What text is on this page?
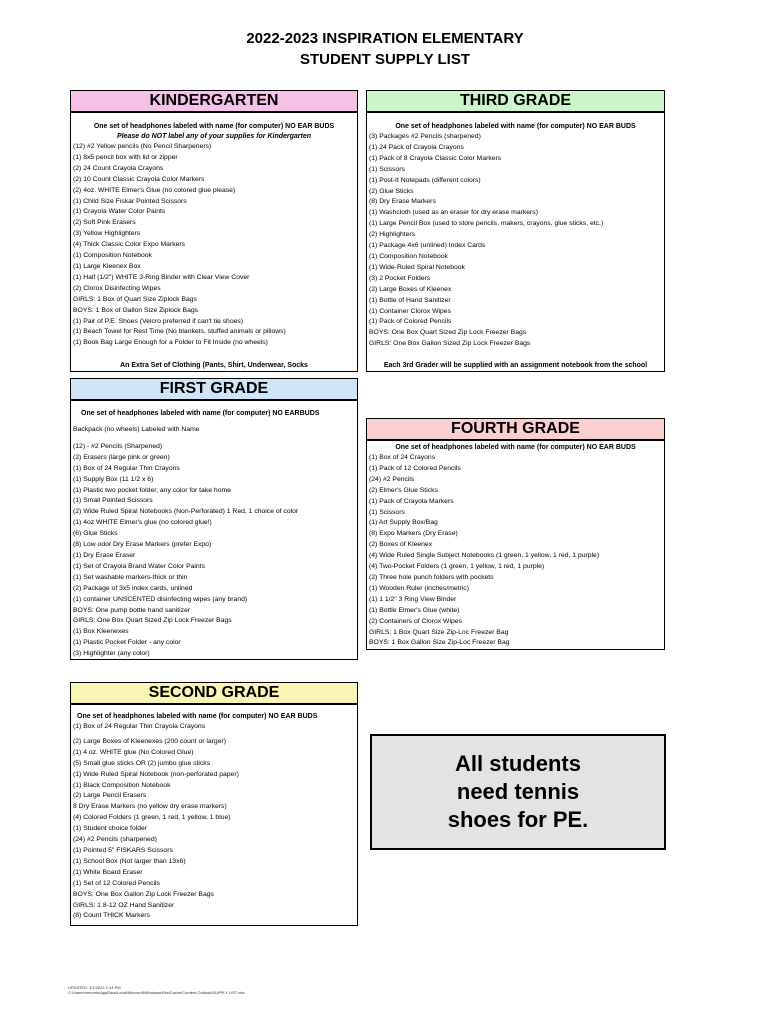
2022-2023 INSPIRATION ELEMENTARY
STUDENT SUPPLY LIST
KINDERGARTEN
One set of headphones labeled with name (for computer) NO EAR BUDS
Please do NOT label any of your supplies for Kindergarten
(12) #2 Yellow pencils (No Pencil Sharpeners)
(1) 8x5 pencil box with lid or zipper
(2) 24 Count Crayola Crayons
(2) 10 Count Classic Crayola Color Markers
(2) 4oz. WHITE Elmer's Glue (no colored glue please)
(1) Child Size Fiskar Pointed Scissors
(1) Crayola Water Color Paints
(2) Soft Pink Erasers
(3) Yellow Highlighters
(4) Thick Classic Color Expo Markers
(1) Composition Notebook
(1) Large Kleenex Box
(1) Half (1/2") WHITE 3-Ring Binder with Clear View Cover
(2) Clorox Disinfecting Wipes
GIRLS: 1 Box of Quart Size Ziplock Bags
BOYS: 1 Box of Gallon Size Ziplock Bags
(1) Pair of P.E. Shoes (Velcro preferred if can't tie shoes)
(1) Beach Towel for Rest Time (No blankets, stuffed animals or pillows)
(1) Book Bag Large Enough for a Folder to Fit Inside (no wheels)
An Extra Set of Clothing (Pants, Shirt, Underwear, Socks
THIRD GRADE
One set of headphones labeled with name (for computer) NO EAR BUDS
(3) Packages #2 Pencils (sharpened)
(1) 24 Pack of Crayola Crayons
(1) Pack of 8 Crayola Classic Color Markers
(1) Scissors
(1) Post-It Notepads (different colors)
(2) Glue Sticks
(8) Dry Erase Markers
(1) Washcloth (used as an eraser for dry erase markers)
(1) Large Pencil Box (used to store pencils, makers, crayons, glue sticks, etc.)
(2) Highlighters
(1) Package 4x6 (unlined) Index Cards
(1) Composition Notebook
(1) Wide-Ruled Spiral Notebook
(3) 2 Pocket Folders
(2) Large Boxes of Kleenex
(1) Bottle of Hand Sanitizer
(1) Container Clorox Wipes
(1) Pack of Colored Pencils
BOYS: One Box Quart Sized Zip Lock Freezer Bags
GIRLS: One Box Gallon Sized Zip Lock Freezer Bags
Each 3rd Grader will be supplied with an assignment notebook from the school
FIRST GRADE
One set of headphones labeled with name (for computer) NO EARBUDS
Backpack (no wheels) Labeled with Name
(12) - #2 Pencils (Sharpened)
(2) Erasers (large pink or green)
(1) Box of 24 Regular Thin Crayons
(1) Supply Box (11 1/2 x 6)
(1) Plastic two pocket folder, any color for take home
(1) Small Pointed Scissors
(2) Wide Ruled Spiral Notebooks (Non-Perforated) 1 Red, 1 choice of color
(1) 4oz WHITE Elmer's glue (no colored glue!)
(6) Glue Sticks
(8) Low odor Dry Erase Markers (prefer Expo)
(1) Dry Erase Eraser
(1) Set of Crayola Brand Water Color Paints
(1) Set washable markers-thick or thin
(2) Package of 3x5 index cards, unlined
(1) container UNSCENTED disinfecting wipes (any brand)
BOYS: One pump bottle hand sanitizer
GIRLS: One Box Quart Sized Zip Lock Freezer Bags
(1) Box Kleenexes
(1) Plastic Pocket Folder - any color
(3) Highlighter (any color)
FOURTH GRADE
One set of headphones labeled with name (for computer) NO EAR BUDS
(1) Box of 24 Crayons
(1) Pack of 12 Colored Pencils
(24) #2 Pencils
(2) Elmer's Glue Sticks
(1) Pack of Crayola Markers
(1) Scissors
(1) Art Supply Box/Bag
(8) Expo Markers (Dry Erase)
(2) Boxes of Kleenex
(4) Wide Ruled Single Subject Notebooks (1 green, 1 yellow, 1 red, 1 purple)
(4) Two-Pocket Folders (1 green, 1 yellow, 1 red, 1 purple)
(2) Three hole punch folders with pockets
(1) Wooden Ruler (inches/metric)
(1) 1 1/2" 3 Ring View Binder
(1) Bottle Elmer's Glue (white)
(2) Containers of Clorox Wipes
GIRLS: 1 Box Quart Size Zip-Loc Freezer Bag
BOYS: 1 Box Gallon Size Zip-Loc Freezer Bag
SECOND GRADE
One set of headphones labeled with name (for computer) NO EAR BUDS
(1) Box of 24 Regular Thin Crayola Crayons
(2) Large Boxes of Kleenexes (200 count or larger)
(1) 4 oz. WHITE glue (No Colored Glue)
(5) Small glue sticks OR (2) jumbo glue sticks
(1) Wide Ruled Spiral Notebook (non-perforated paper)
(1) Black Composition Notebook
(2) Large Pencil Erasers
8 Dry Erase Markers (no yellow dry erase markers)
(4) Colored Folders (1 green, 1 red, 1 yellow, 1 blue)
(1) Student choice folder
(24) #2 Pencils (sharpened)
(1) Pointed 5" FISKARS Scissors
(1) School Box (Not larger than 13x6)
(1) White Board Eraser
(1) Set of 12 Colored Pencils
BOYS: One Box Gallon Zip Lock Freezer Bags
GIRLS: 1 8-12 OZ Hand Sanitizer
(8) Count THICK Markers
All students
need tennis
shoes for PE.
UPDATED: 3/1/2022 1:14 PM
C:\Users\mmorris\AppData\Local\Microsoft\Windows\INetCache\Content.Outlook\SUPPLY LIST.xlsx
